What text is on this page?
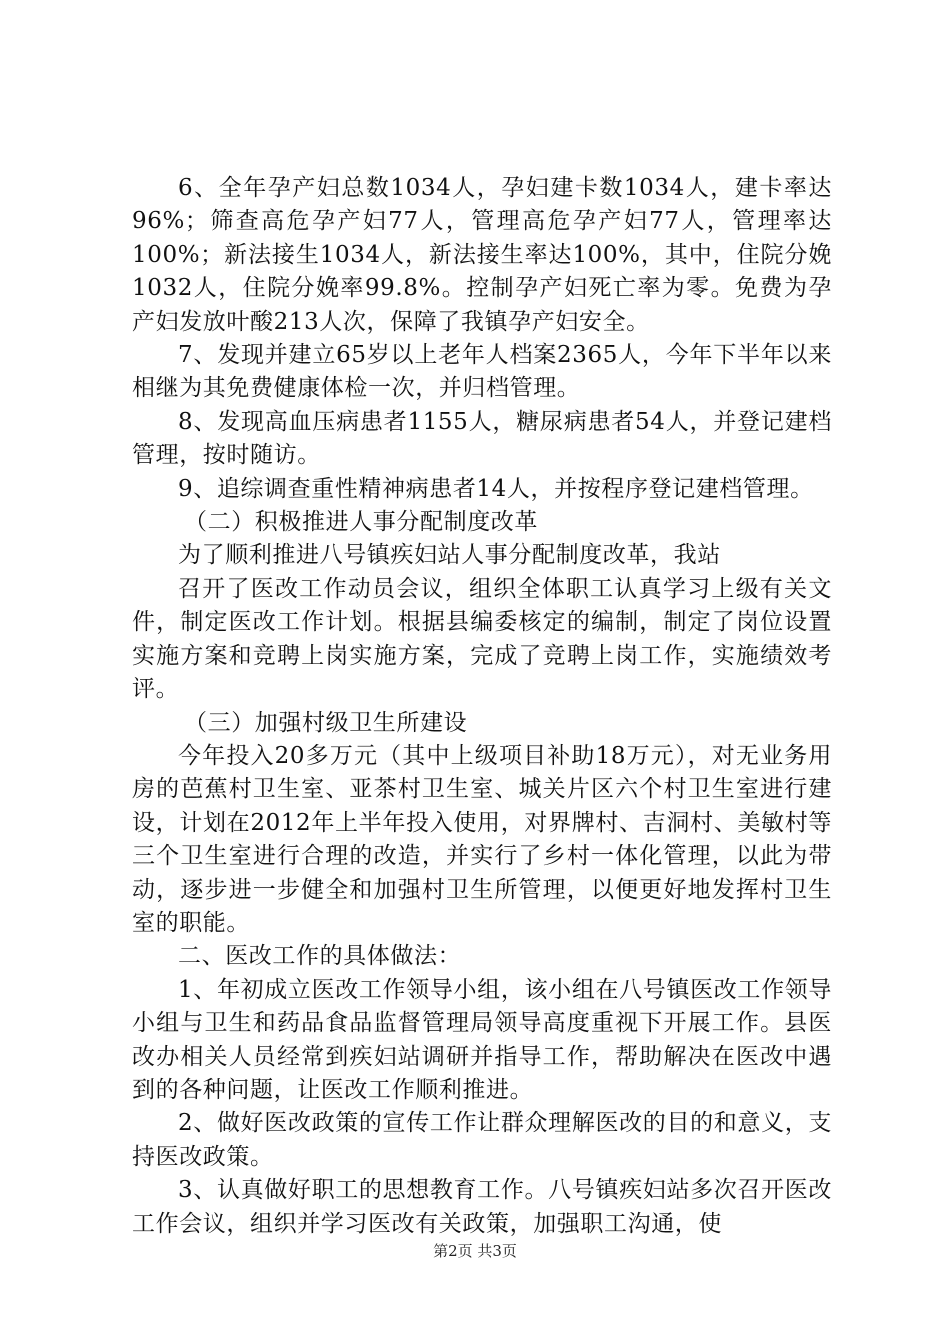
6、全年孕产妇总数1034人，孕妇建卡数1034人，建卡率达96%；筛查高危孕产妇77人，管理高危孕产妇77人，管理率达100%；新法接生1034人，新法接生率达100%，其中，住院分娩1032人，住院分娩率99.8%。控制孕产妇死亡率为零。免费为孕产妇发放叶酸213人次，保障了我镇孕产妇安全。

7、发现并建立65岁以上老年人档案2365人，今年下半年以来相继为其免费健康体检一次，并归档管理。

8、发现高血压病患者1155人，糖尿病患者54人，并登记建档管理，按时随访。

9、追综调查重性精神病患者14人，并按程序登记建档管理。

（二）积极推进人事分配制度改革

为了顺利推进八号镇疾妇站人事分配制度改革，我站

召开了医改工作动员会议，组织全体职工认真学习上级有关文件，制定医改工作计划。根据县编委核定的编制，制定了岗位设置实施方案和竞聘上岗实施方案，完成了竞聘上岗工作，实施绩效考评。

（三）加强村级卫生所建设

今年投入20多万元（其中上级项目补助18万元），对无业务用房的芭蕉村卫生室、亚茶村卫生室、城关片区六个村卫生室进行建设，计划在2012年上半年投入使用，对界牌村、吉洞村、美敏村等三个卫生室进行合理的改造，并实行了乡村一体化管理，以此为带动，逐步进一步健全和加强村卫生所管理，以便更好地发挥村卫生室的职能。

二、医改工作的具体做法：

1、年初成立医改工作领导小组，该小组在八号镇医改工作领导小组与卫生和药品食品监督管理局领导高度重视下开展工作。县医改办相关人员经常到疾妇站调研并指导工作，帮助解决在医改中遇到的各种问题，让医改工作顺利推进。

2、做好医改政策的宣传工作让群众理解医改的目的和意义，支持医改政策。

3、认真做好职工的思想教育工作。八号镇疾妇站多次召开医改工作会议，组织并学习医改有关政策，加强职工沟通，使

第2页 共3页
